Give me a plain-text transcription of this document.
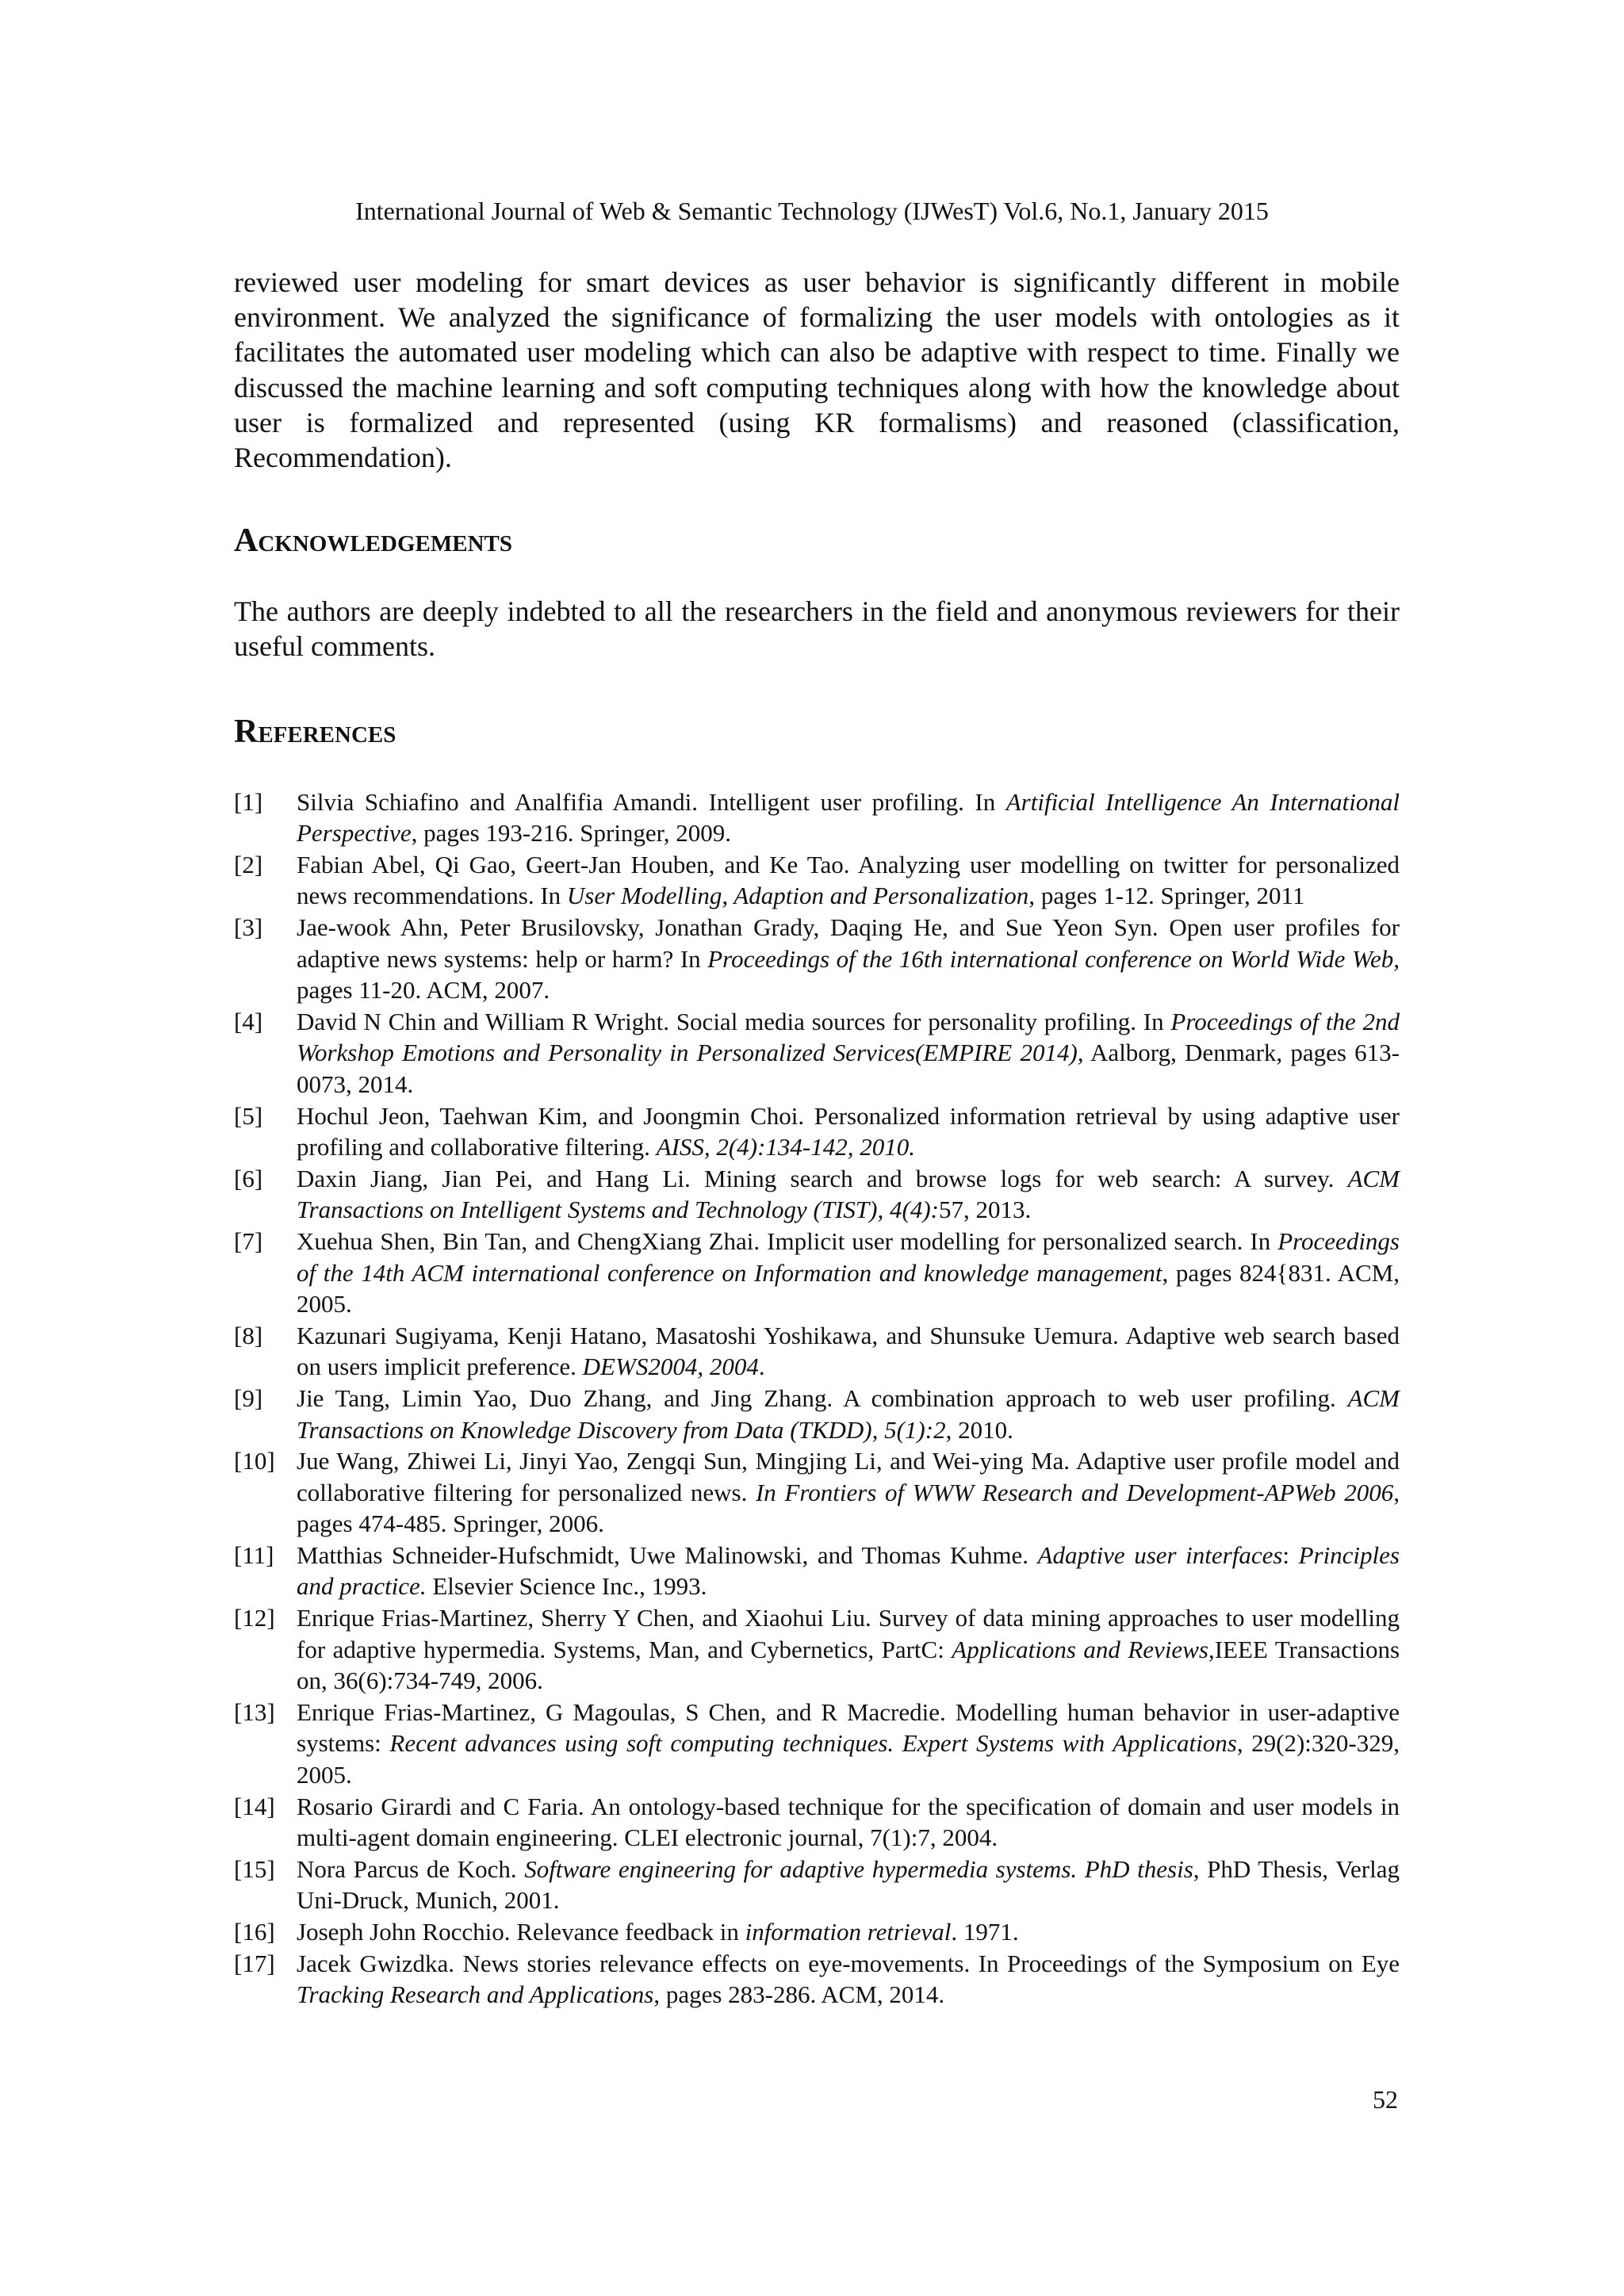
International Journal of Web & Semantic Technology (IJWesT) Vol.6, No.1, January 2015

reviewed user modeling for smart devices as user behavior is significantly different in mobile environment. We analyzed the significance of formalizing the user models with ontologies as it facilitates the automated user modeling which can also be adaptive with respect to time. Finally we discussed the machine learning and soft computing techniques along with how the knowledge about user is formalized and represented (using KR formalisms) and reasoned (classification, Recommendation).

Acknowledgements

The authors are deeply indebted to all the researchers in the field and anonymous reviewers for their useful comments.

References
[1]	Silvia Schiafino and Analfifia Amandi. Intelligent user profiling. In Artificial Intelligence An International Perspective, pages 193-216. Springer, 2009.
[2]	Fabian Abel, Qi Gao, Geert-Jan Houben, and Ke Tao. Analyzing user modelling on twitter for personalized news recommendations. In User Modelling, Adaption and Personalization, pages 1-12. Springer, 2011
[3]	Jae-wook Ahn, Peter Brusilovsky, Jonathan Grady, Daqing He, and Sue Yeon Syn. Open user profiles for adaptive news systems: help or harm? In Proceedings of the 16th international conference on World Wide Web, pages 11-20. ACM, 2007.
[4]	David N Chin and William R Wright. Social media sources for personality profiling. In Proceedings of the 2nd Workshop Emotions and Personality in Personalized Services(EMPIRE 2014), Aalborg, Denmark, pages 613-0073, 2014.
[5]	Hochul Jeon, Taehwan Kim, and Joongmin Choi. Personalized information retrieval by using adaptive user profiling and collaborative filtering. AISS, 2(4):134-142, 2010.
[6]	Daxin Jiang, Jian Pei, and Hang Li. Mining search and browse logs for web search: A survey. ACM Transactions on Intelligent Systems and Technology (TIST), 4(4):57, 2013.
[7]	Xuehua Shen, Bin Tan, and ChengXiang Zhai. Implicit user modelling for personalized search. In Proceedings of the 14th ACM international conference on Information and knowledge management, pages 824{831. ACM, 2005.
[8]	Kazunari Sugiyama, Kenji Hatano, Masatoshi Yoshikawa, and Shunsuke Uemura. Adaptive web search based on users implicit preference. DEWS2004, 2004.
[9]	Jie Tang, Limin Yao, Duo Zhang, and Jing Zhang. A combination approach to web user profiling. ACM Transactions on Knowledge Discovery from Data (TKDD), 5(1):2, 2010.
[10] Jue Wang, Zhiwei Li, Jinyi Yao, Zengqi Sun, Mingjing Li, and Wei-ying Ma. Adaptive user profile model and collaborative filtering for personalized news. In Frontiers of WWW Research and Development-APWeb 2006, pages 474-485. Springer, 2006.
[11] Matthias Schneider-Hufschmidt, Uwe Malinowski, and Thomas Kuhme. Adaptive user interfaces: Principles and practice. Elsevier Science Inc., 1993.
[12] Enrique Frias-Martinez, Sherry Y Chen, and Xiaohui Liu. Survey of data mining approaches to user modelling for adaptive hypermedia. Systems, Man, and Cybernetics, PartC: Applications and Reviews,IEEE Transactions on, 36(6):734-749, 2006.
[13] Enrique Frias-Martinez, G Magoulas, S Chen, and R Macredie. Modelling human behavior in user-adaptive systems: Recent advances using soft computing techniques. Expert Systems with Applications, 29(2):320-329, 2005.
[14] Rosario Girardi and C Faria. An ontology-based technique for the specification of domain and user models in multi-agent domain engineering. CLEI electronic journal, 7(1):7, 2004.
[15] Nora Parcus de Koch. Software engineering for adaptive hypermedia systems. PhD thesis, PhD Thesis, Verlag Uni-Druck, Munich, 2001.
[16] Joseph John Rocchio. Relevance feedback in information retrieval. 1971.
[17] Jacek Gwizdka. News stories relevance effects on eye-movements. In Proceedings of the Symposium on Eye Tracking Research and Applications, pages 283-286. ACM, 2014.
52
